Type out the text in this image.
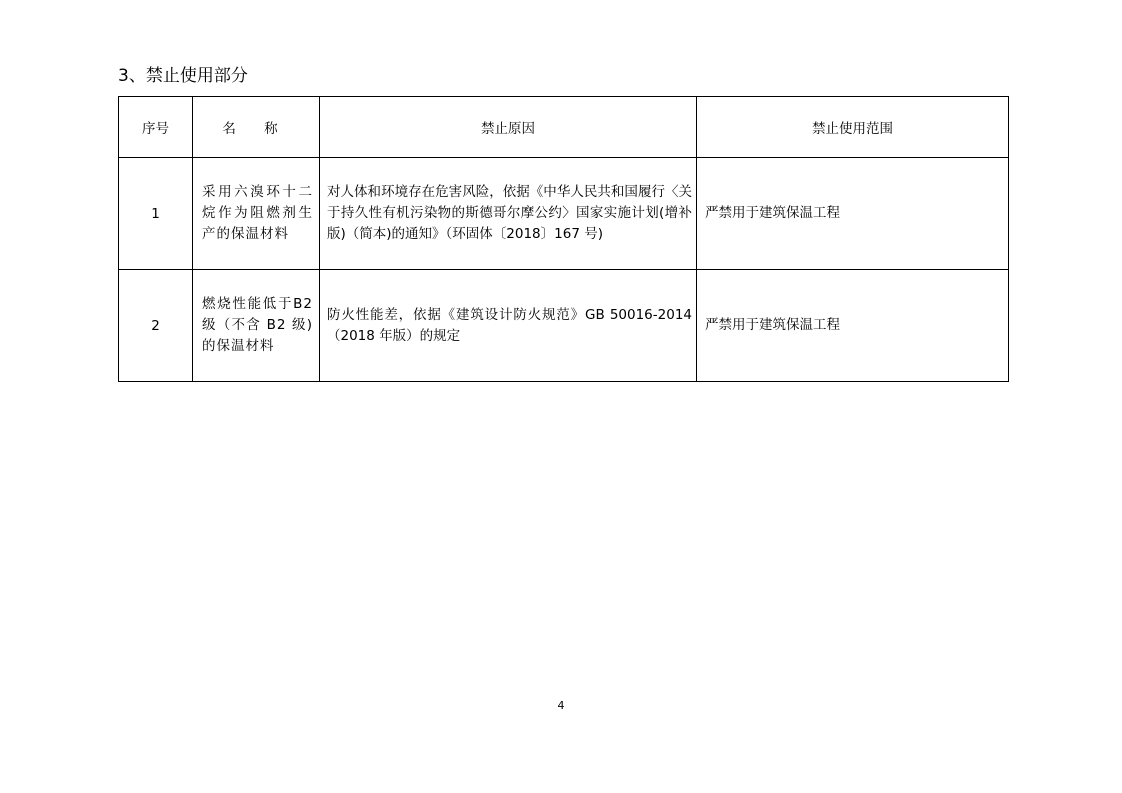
3、禁止使用部分
序号	名 称	禁止原因	禁止使用范围
1	采用六溴环十二烷作为阻燃剂生产的保温材料	对人体和环境存在危害风险，依据《中华人民共和国履行〈关于持久性有机污染物的斯德哥尔摩公约〉国家实施计划(增补版)（简本)的通知》（环固体〔2018〕167 号)	严禁用于建筑保温工程

2	燃烧性能低于B2 级（不含 B2 级)的保温材料	防火性能差，依据《建筑设计防火规范》GB 50016-2014（2018 年版）的规定	严禁用于建筑保温工程
4
